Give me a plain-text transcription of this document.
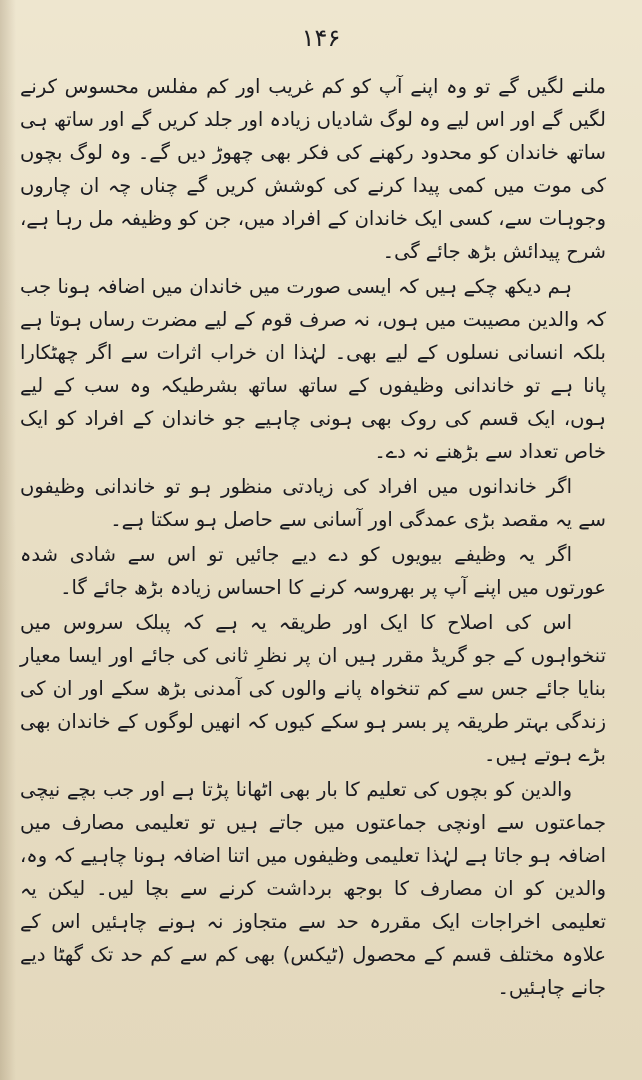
۱۴۶

ملنے لگیں گے تو وہ اپنے آپ کو کم غریب اور کم مفلس محسوس کرنے لگیں گے اور اس لیے وہ لوگ شادیاں زیادہ اور جلد کریں گے اور ساتھ ہی ساتھ خاندان کو محدود رکھنے کی فکر بھی چھوڑ دیں گے۔ وہ لوگ بچوں کی موت میں کمی پیدا کرنے کی کوشش کریں گے چناں چہ ان چاروں وجوہات سے، کسی ایک خاندان کے افراد میں، جن کو وظیفہ مل رہا ہے، شرح پیدائش بڑھ جائے گی۔

ہم دیکھ چکے ہیں کہ ایسی صورت میں خاندان میں اضافہ ہونا جب کہ والدین مصیبت میں ہوں، نہ صرف قوم کے لیے مضرت رساں ہوتا ہے بلکہ انسانی نسلوں کے لیے بھی۔ لہٰذا ان خراب اثرات سے اگر چھٹکارا پانا ہے تو خاندانی وظیفوں کے ساتھ ساتھ بشرطیکہ وہ سب کے لیے ہوں، ایک قسم کی روک بھی ہونی چاہیے جو خاندان کے افراد کو ایک خاص تعداد سے بڑھنے نہ دے۔

اگر خاندانوں میں افراد کی زیادتی منظور ہو تو خاندانی وظیفوں سے یہ مقصد بڑی عمدگی اور آسانی سے حاصل ہو سکتا ہے۔

اگر یہ وظیفے بیویوں کو دے دیے جائیں تو اس سے شادی شدہ عورتوں میں اپنے آپ پر بھروسہ کرنے کا احساس زیادہ بڑھ جائے گا۔

اس کی اصلاح کا ایک اور طریقہ یہ ہے کہ پبلک سروس میں تنخواہوں کے جو گریڈ مقرر ہیں ان پر نظرِ ثانی کی جائے اور ایسا معیار بنایا جائے جس سے کم تنخواہ پانے والوں کی آمدنی بڑھ سکے اور ان کی زندگی بہتر طریقہ پر بسر ہو سکے کیوں کہ انھیں لوگوں کے خاندان بھی بڑے ہوتے ہیں۔

والدین کو بچوں کی تعلیم کا بار بھی اٹھانا پڑتا ہے اور جب بچے نیچی جماعتوں سے اونچی جماعتوں میں جاتے ہیں تو تعلیمی مصارف میں اضافہ ہو جاتا ہے لہٰذا تعلیمی وظیفوں میں اتنا اضافہ ہونا چاہیے کہ وہ، والدین کو ان مصارف کا بوجھ برداشت کرنے سے بچا لیں۔ لیکن یہ تعلیمی اخراجات ایک مقررہ حد سے متجاوز نہ ہونے چاہئیں اس کے علاوہ مختلف قسم کے محصول (ٹیکس) بھی کم سے کم حد تک گھٹا دیے جانے چاہئیں۔
